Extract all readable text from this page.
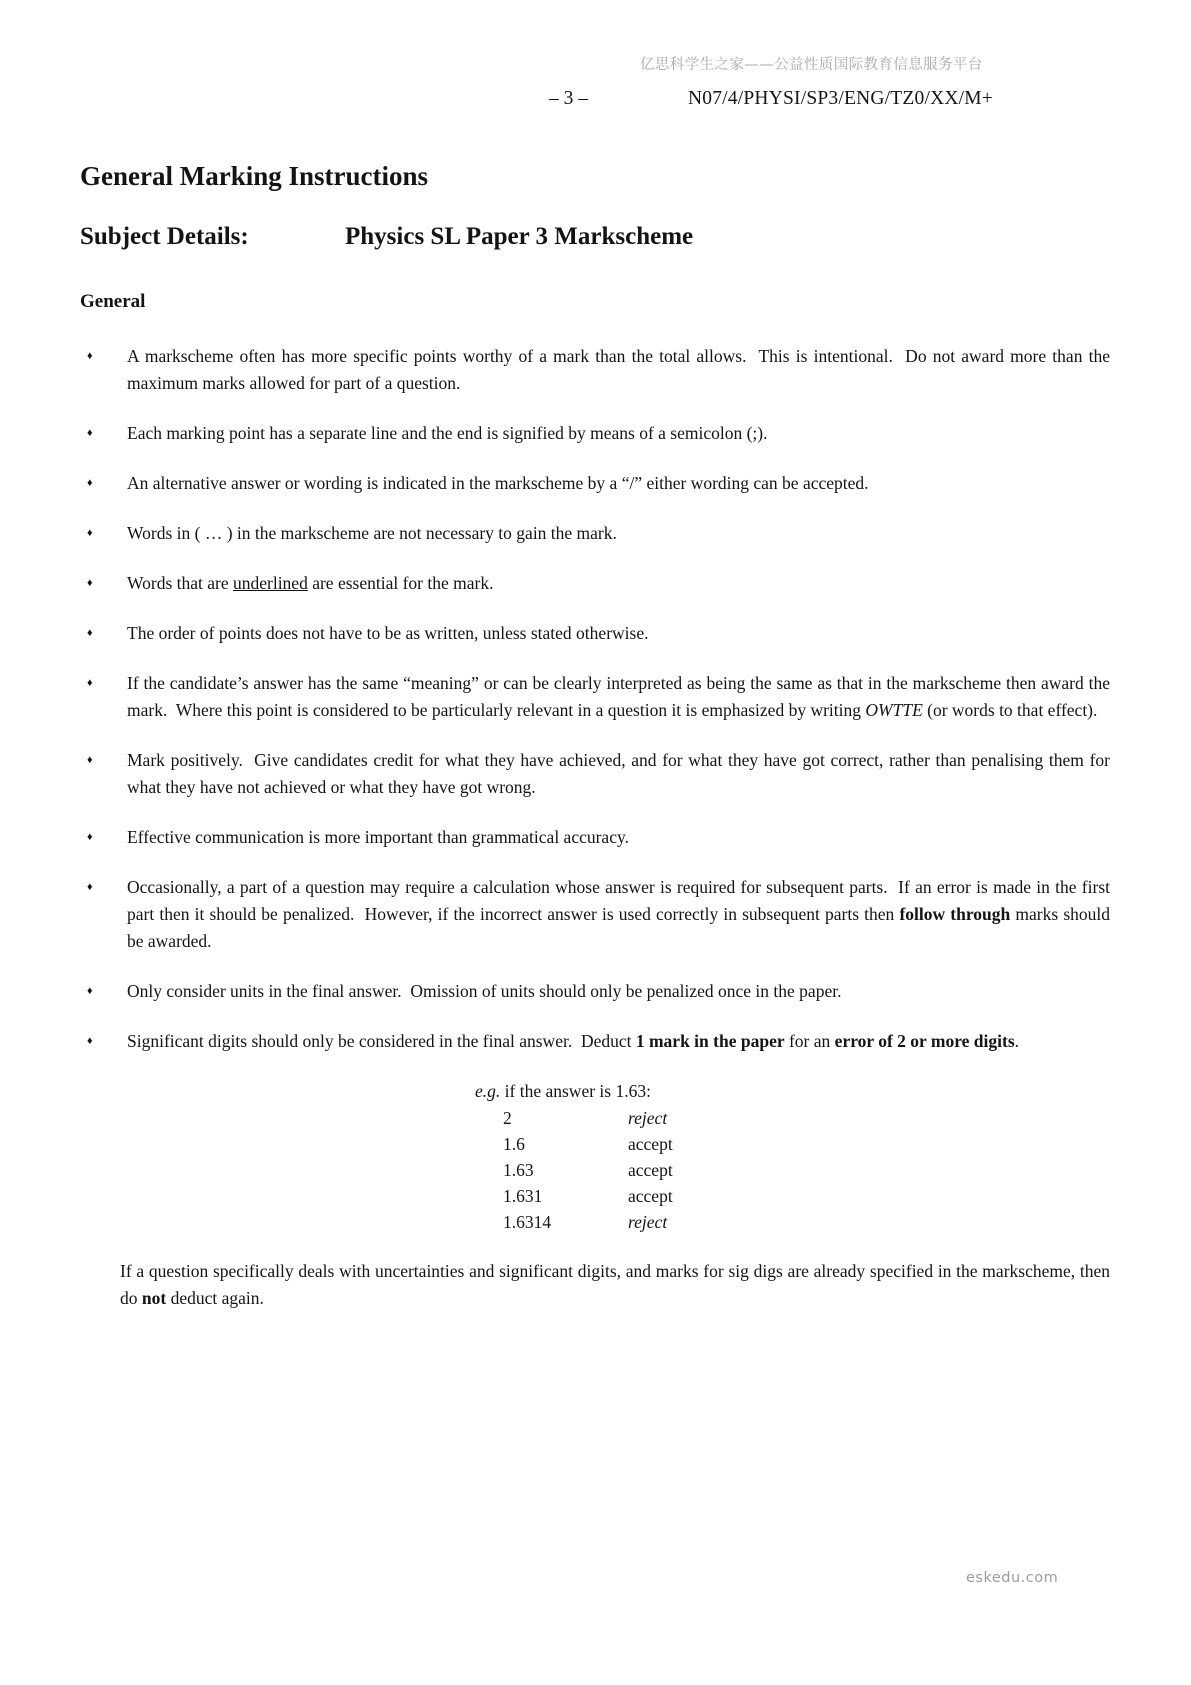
亿思科学生之家——公益性质国际教育信息服务平台
– 3 –	N07/4/PHYSI/SP3/ENG/TZ0/XX/M+
General Marking Instructions
Subject Details:	Physics SL Paper 3 Markscheme
General
♦	A markscheme often has more specific points worthy of a mark than the total allows.  This is intentional.  Do not award more than the maximum marks allowed for part of a question.
♦	Each marking point has a separate line and the end is signified by means of a semicolon (;).
♦	An alternative answer or wording is indicated in the markscheme by a “/” either wording can be accepted.
♦	Words in ( … ) in the markscheme are not necessary to gain the mark.
♦	Words that are underlined are essential for the mark.
♦	The order of points does not have to be as written, unless stated otherwise.
♦	If the candidate’s answer has the same “meaning” or can be clearly interpreted as being the same as that in the markscheme then award the mark.  Where this point is considered to be particularly relevant in a question it is emphasized by writing OWTTE (or words to that effect).
♦	Mark positively.  Give candidates credit for what they have achieved, and for what they have got correct, rather than penalising them for what they have not achieved or what they have got wrong.
♦	Effective communication is more important than grammatical accuracy.
♦	Occasionally, a part of a question may require a calculation whose answer is required for subsequent parts.  If an error is made in the first part then it should be penalized.  However, if the incorrect answer is used correctly in subsequent parts then follow through marks should be awarded.
♦	Only consider units in the final answer.  Omission of units should only be penalized once in the paper.
♦	Significant digits should only be considered in the final answer.  Deduct 1 mark in the paper for an error of 2 or more digits.
e.g. if the answer is 1.63:
2	reject
1.6	accept
1.63	accept
1.631	accept
1.6314	reject
If a question specifically deals with uncertainties and significant digits, and marks for sig digs are already specified in the markscheme, then do not deduct again.
eskedu.com
